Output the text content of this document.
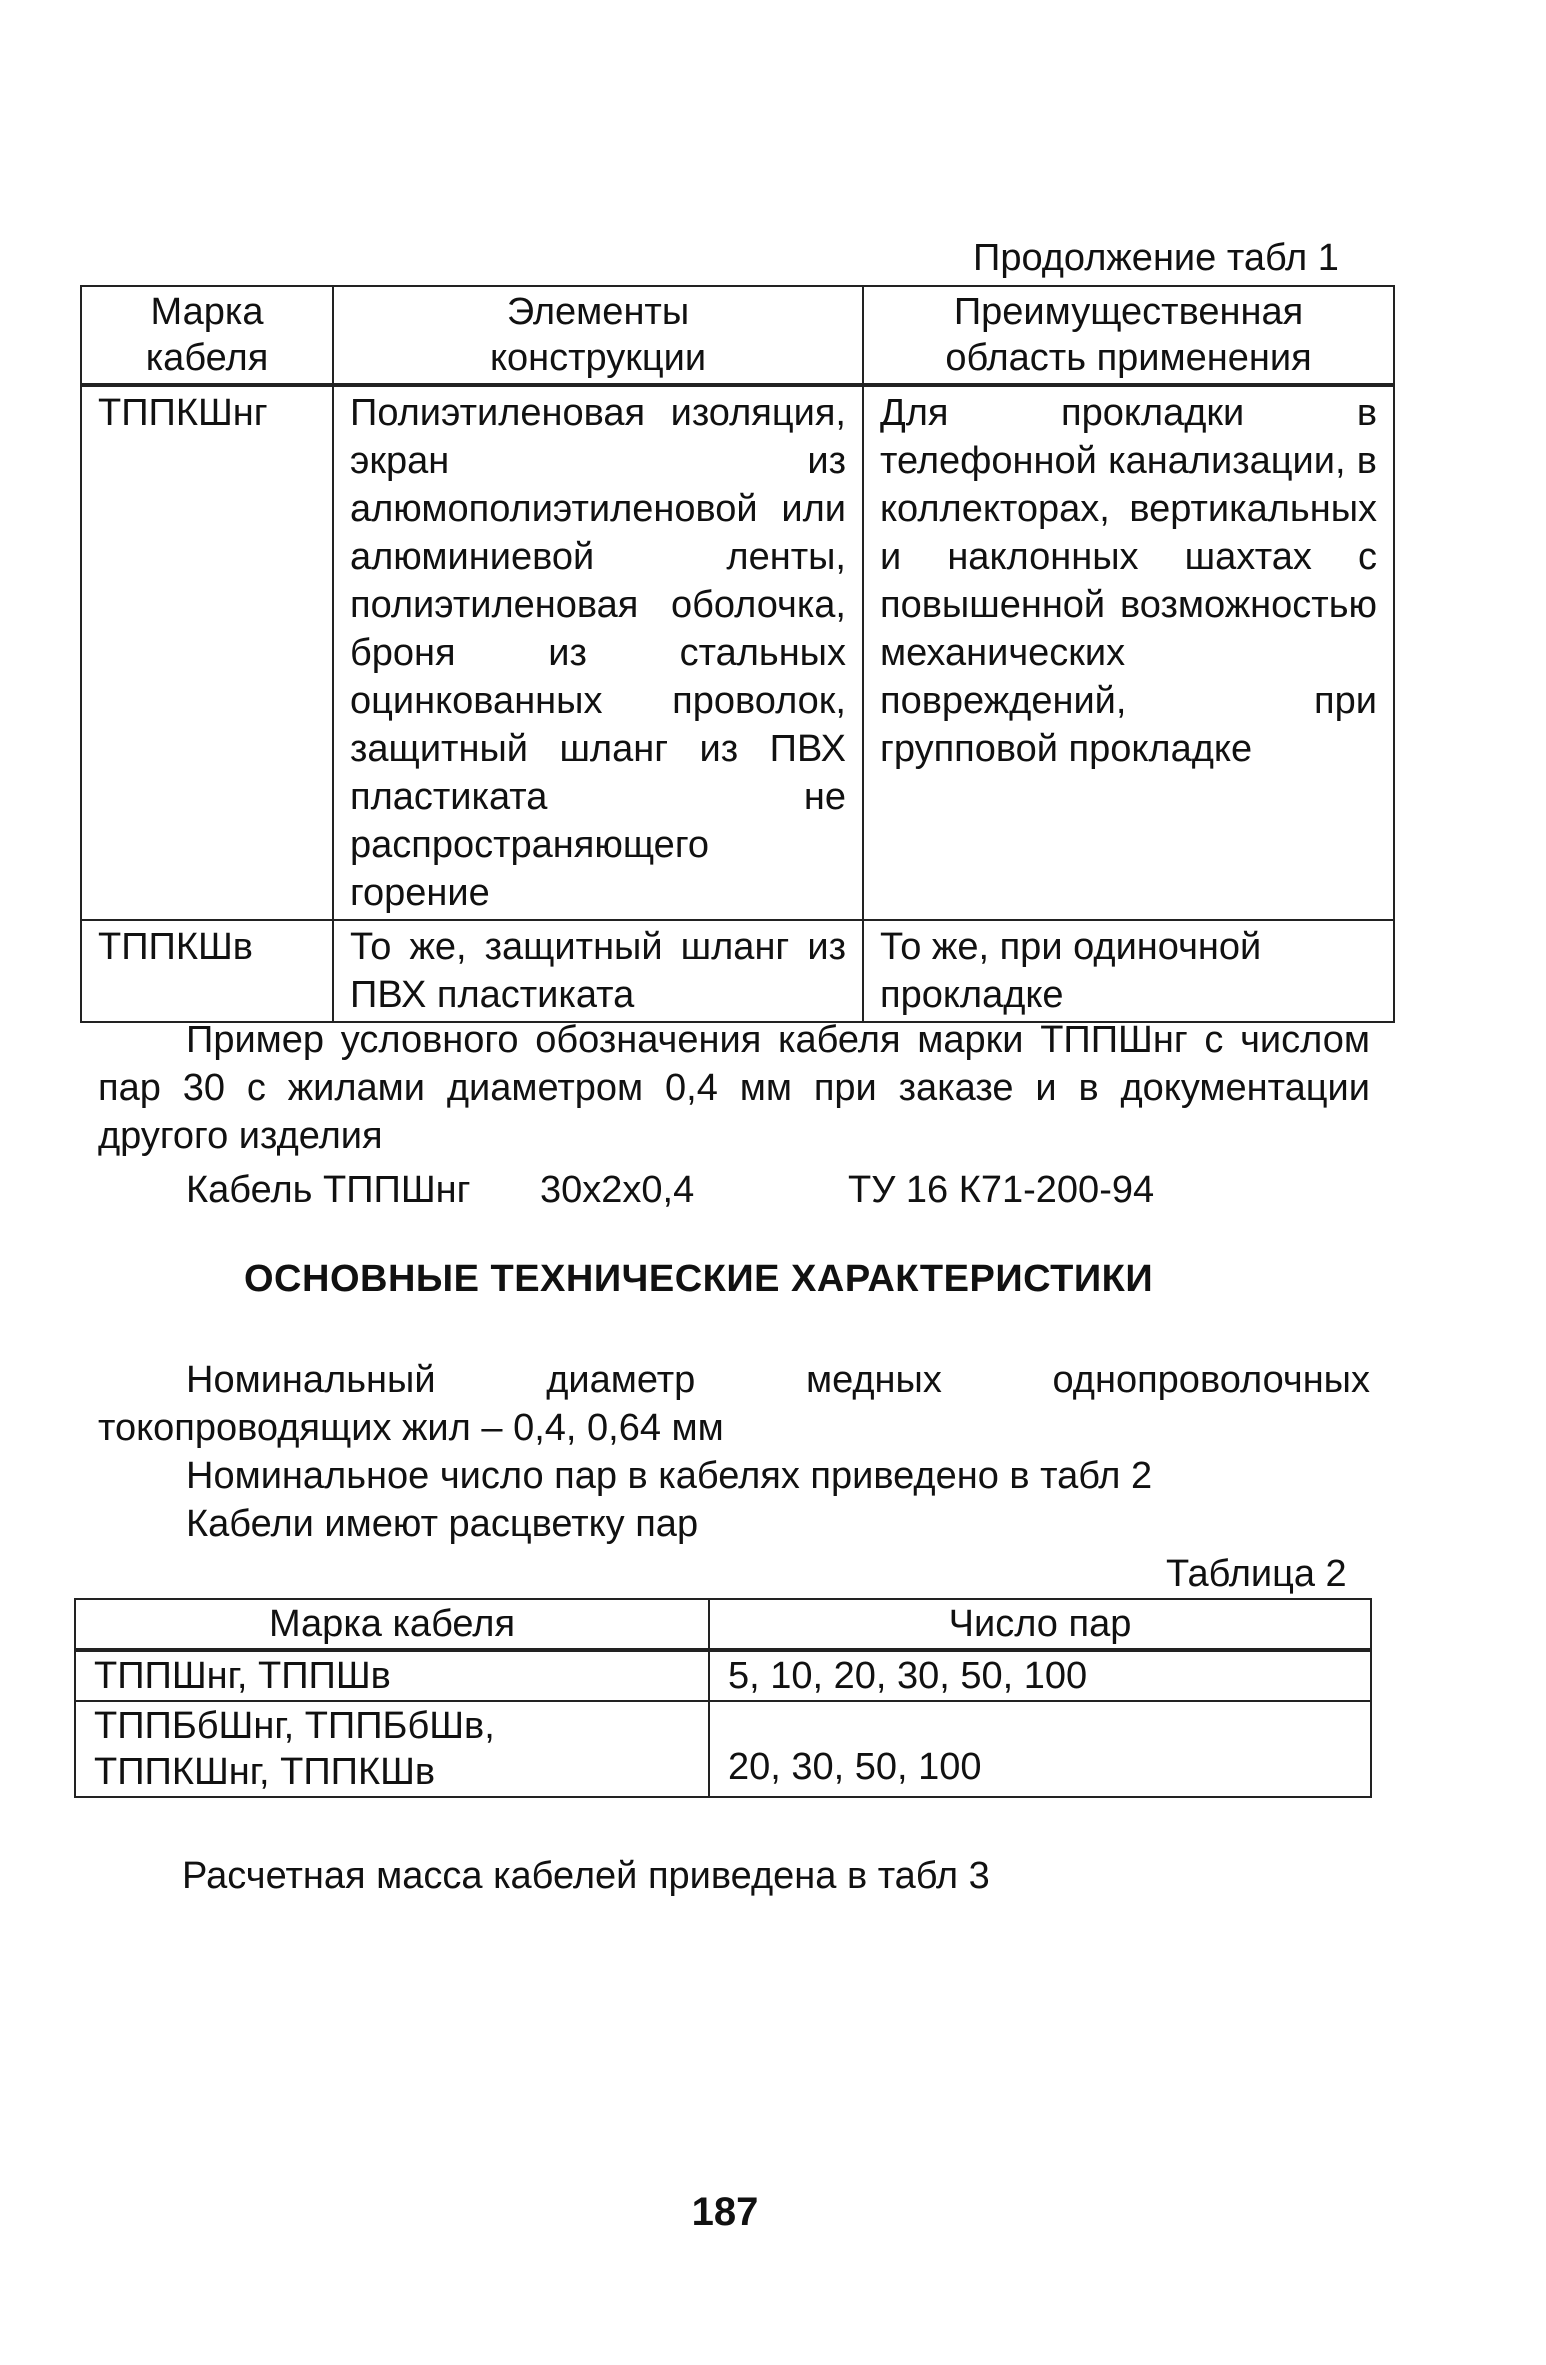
Продолжение табл 1
Марка кабеля	Элементы конструкции	Преимущественная область применения
ТППКШнг	Полиэтиленовая изоляция, экран из алюмополиэтиленовой или алюминиевой ленты, полиэтиленовая оболочка, броня из стальных оцинкованных проволок, защитный шланг из ПВХ пластиката не распространяющего горение	Для прокладки в телефонной канализации, в коллекторах, вертикальных и наклонных шахтах с повышенной возможностью механических повреждений, при групповой прокладке
ТППКШв	То же, защитный шланг из ПВХ пластиката	То же, при одиночной прокладке
Пример условного обозначения кабеля марки ТППШнг с числом пар 30 с жилами диаметром 0,4 мм при заказе и в документации другого изделия
Кабель ТППШнг 30х2х0,4	ТУ 16 К71-200-94
ОСНОВНЫЕ ТЕХНИЧЕСКИЕ ХАРАКТЕРИСТИКИ
Номинальный диаметр медных однопроволочных токопроводящих жил – 0,4, 0,64 мм
Номинальное число пар в кабелях приведено в табл 2
Кабели имеют расцветку пар
Таблица 2
Марка кабеля	Число пар
ТППШнг, ТППШв	5, 10, 20, 30, 50, 100
ТППБбШнг, ТППБбШв, ТППКШнг, ТППКШв	20, 30, 50, 100
Расчетная масса кабелей приведена в табл 3
187
